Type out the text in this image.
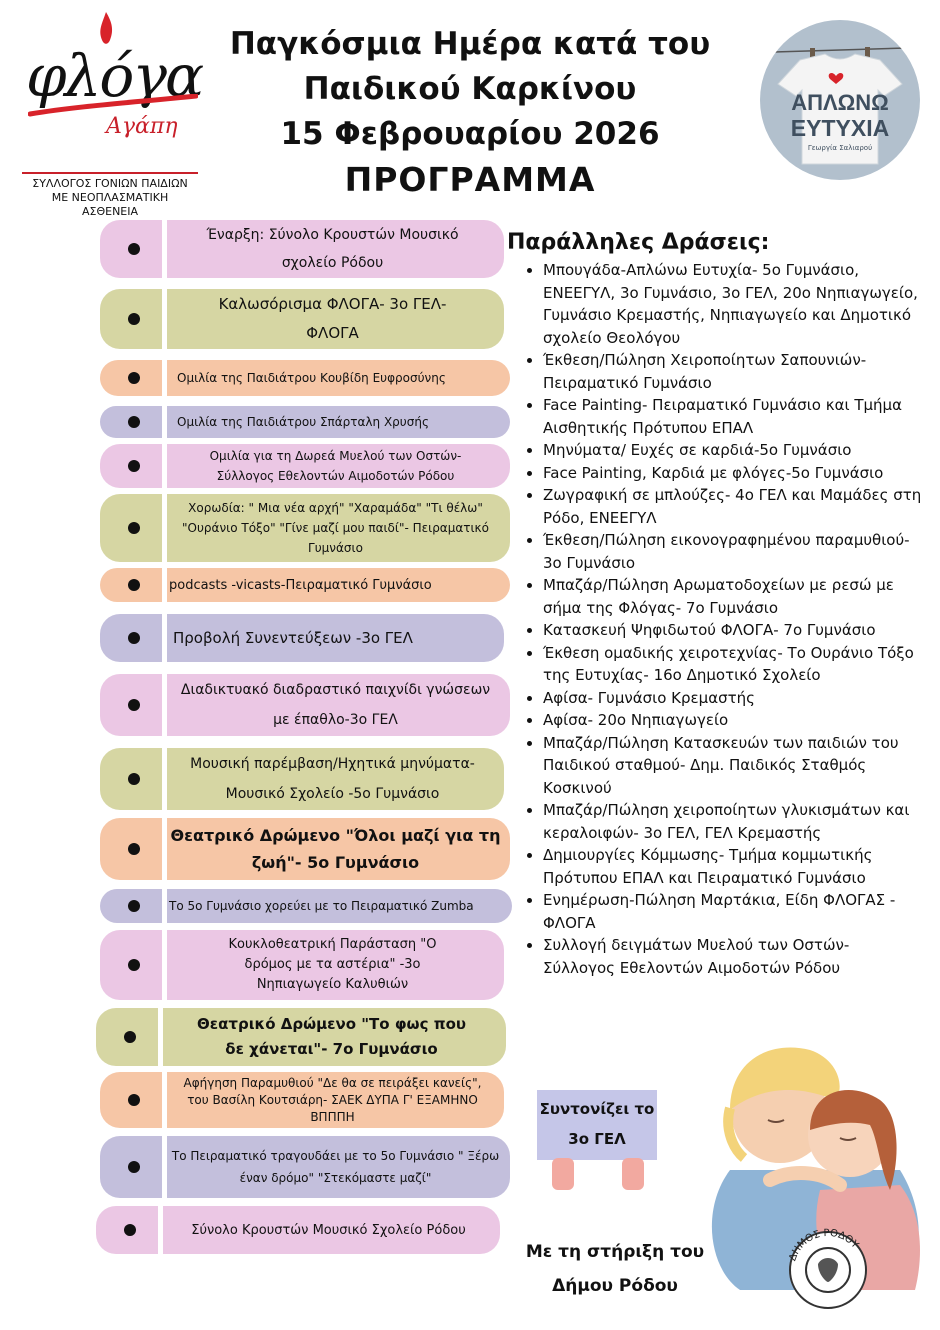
φλόγα
Αγάπη
ΣΥΛΛΟΓΟΣ ΓΟΝΙΩΝ ΠΑΙΔΙΩΝ
ΜΕ ΝΕΟΠΛΑΣΜΑΤΙΚΗ ΑΣΘΕΝΕΙΑ
Παγκόσμια Ημέρα κατά του
Παιδικού Καρκίνου
15 Φεβρουαρίου 2026
ΠΡΟΓΡΑΜΜΑ
ΑΠΛΩΝΩ
ΕΥΤΥΧΙΑ
Γεωργία Σαλιαρού
Έναρξη: Σύνολο Κρουστών Μουσικό σχολείο Ρόδου
Καλωσόρισμα ΦΛΟΓΑ- 3ο ΓΕΛ- ΦΛΟΓΑ
Ομιλία της Παιδιάτρου Κουβίδη Ευφροσύνης
Ομιλία της Παιδιάτρου Σπάρταλη Χρυσής
Ομιλία για τη Δωρεά Μυελού των Οστών- Σύλλογος Εθελοντών Αιμοδοτών Ρόδου
Χορωδία: " Μια νέα αρχή" "Χαραμάδα" "Τι θέλω" "Ουράνιο Τόξο" "Γίνε μαζί μου παιδί"- Πειραματικό Γυμνάσιο
podcasts -vicasts-Πειραματικό Γυμνάσιο
Προβολή Συνεντεύξεων -3ο ΓΕΛ
Διαδικτυακό διαδραστικό παιχνίδι γνώσεων με έπαθλο-3ο ΓΕΛ
Μουσική παρέμβαση/Ηχητικά μηνύματα- Μουσικό Σχολείο -5ο Γυμνάσιο
Θεατρικό Δρώμενο "Όλοι μαζί για τη ζωή"- 5ο Γυμνάσιο
Το 5ο Γυμνάσιο χορεύει με το Πειραματικό Zumba
Κουκλοθεατρική Παράσταση "Ο δρόμος με τα αστέρια" -3ο Νηπιαγωγείο Καλυθιών
Θεατρικό Δρώμενο "Το φως που δε χάνεται"- 7ο Γυμνάσιο
Αφήγηση Παραμυθιού "Δε θα σε πειράξει κανείς", του Βασίλη Κουτσιάρη- ΣΑΕΚ ΔΥΠΑ Γ' ΕΞΑΜΗΝΟ ΒΠΠΠΗ
Το Πειραματικό τραγουδάει με το 5ο Γυμνάσιο " Ξέρω έναν δρόμο" "Στεκόμαστε μαζί"
Σύνολο Κρουστών Μουσικό Σχολείο Ρόδου
Παράλληλες Δράσεις:
• Μπουγάδα-Απλώνω Ευτυχία- 5ο Γυμνάσιο, ΕΝΕΕΓΥΛ, 3ο Γυμνάσιο, 3ο ΓΕΛ, 20ο Νηπιαγωγείο, Γυμνάσιο Κρεμαστής, Νηπιαγωγείο και Δημοτικό σχολείο Θεολόγου
• Έκθεση/Πώληση Χειροποίητων Σαπουνιών- Πειραματικό Γυμνάσιο
• Face Painting- Πειραματικό Γυμνάσιο και Τμήμα Αισθητικής Πρότυπου ΕΠΑΛ
• Μηνύματα/ Ευχές σε καρδιά-5ο Γυμνάσιο
• Face Painting, Καρδιά με φλόγες-5ο Γυμνάσιο
• Ζωγραφική σε μπλούζες- 4ο ΓΕΛ και Μαμάδες στη Ρόδο, ΕΝΕΕΓΥΛ
• Έκθεση/Πώληση εικονογραφημένου παραμυθιού- 3ο Γυμνάσιο
• Μπαζάρ/Πώληση Αρωματοδοχείων με ρεσώ με σήμα της Φλόγας- 7ο Γυμνάσιο
• Κατασκευή Ψηφιδωτού ΦΛΟΓΑ- 7ο Γυμνάσιο
• Έκθεση ομαδικής χειροτεχνίας- Το Ουράνιο Τόξο της Ευτυχίας- 16ο Δημοτικό Σχολείο
• Αφίσα- Γυμνάσιο Κρεμαστής
• Αφίσα- 20ο Νηπιαγωγείο
• Μπαζάρ/Πώληση Κατασκευών των παιδιών του Παιδικού σταθμού- Δημ. Παιδικός Σταθμός Κοσκινού
• Μπαζάρ/Πώληση χειροποίητων γλυκισμάτων και κεραλοιφών- 3ο ΓΕΛ, ΓΕΛ Κρεμαστής
• Δημιουργίες Κόμμωσης- Τμήμα κομμωτικής Πρότυπου ΕΠΑΛ και Πειραματικό Γυμνάσιο
• Ενημέρωση-Πώληση Μαρτάκια, Είδη ΦΛΟΓΑΣ - ΦΛΟΓΑ
• Συλλογή δειγμάτων Μυελού των Οστών- Σύλλογος Εθελοντών Αιμοδοτών Ρόδου
Συντονίζει το
3ο ΓΕΛ
Με τη στήριξη του
Δήμου Ρόδου
ΔΗΜΟΣ ΡΟΔΟΥ
